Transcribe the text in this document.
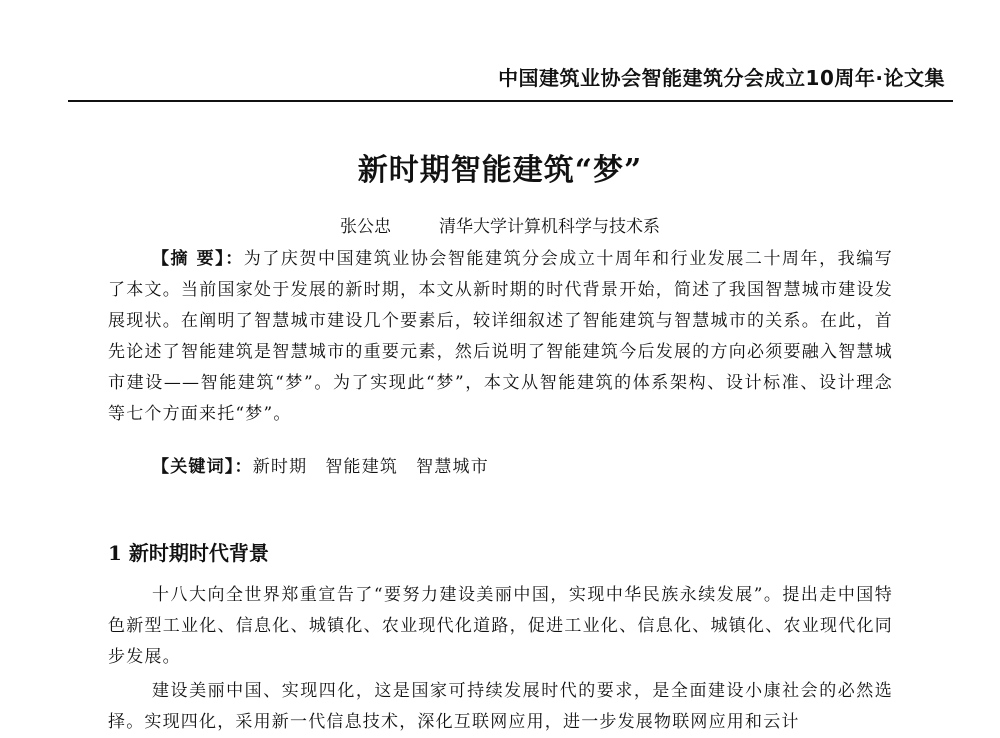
中国建筑业协会智能建筑分会成立10周年·论文集
新时期智能建筑“梦”
张公忠	清华大学计算机科学与技术系

【摘 要】：为了庆贺中国建筑业协会智能建筑分会成立十周年和行业发展二十周年，我编写了本文。当前国家处于发展的新时期，本文从新时期的时代背景开始，简述了我国智慧城市建设发展现状。在阐明了智慧城市建设几个要素后，较详细叙述了智能建筑与智慧城市的关系。在此，首先论述了智能建筑是智慧城市的重要元素，然后说明了智能建筑今后发展的方向必须要融入智慧城市建设——智能建筑“梦”。为了实现此“梦”，本文从智能建筑的体系架构、设计标准、设计理念等七个方面来托“梦”。

【关键词】：新时期 智能建筑 智慧城市
1 新时期时代背景

十八大向全世界郑重宣告了“要努力建设美丽中国，实现中华民族永续发展”。提出走中国特色新型工业化、信息化、城镇化、农业现代化道路，促进工业化、信息化、城镇化、农业现代化同步发展。

建设美丽中国、实现四化，这是国家可持续发展时代的要求，是全面建设小康社会的必然选择。实现四化，采用新一代信息技术，深化互联网应用，进一步发展物联网应用和云计
